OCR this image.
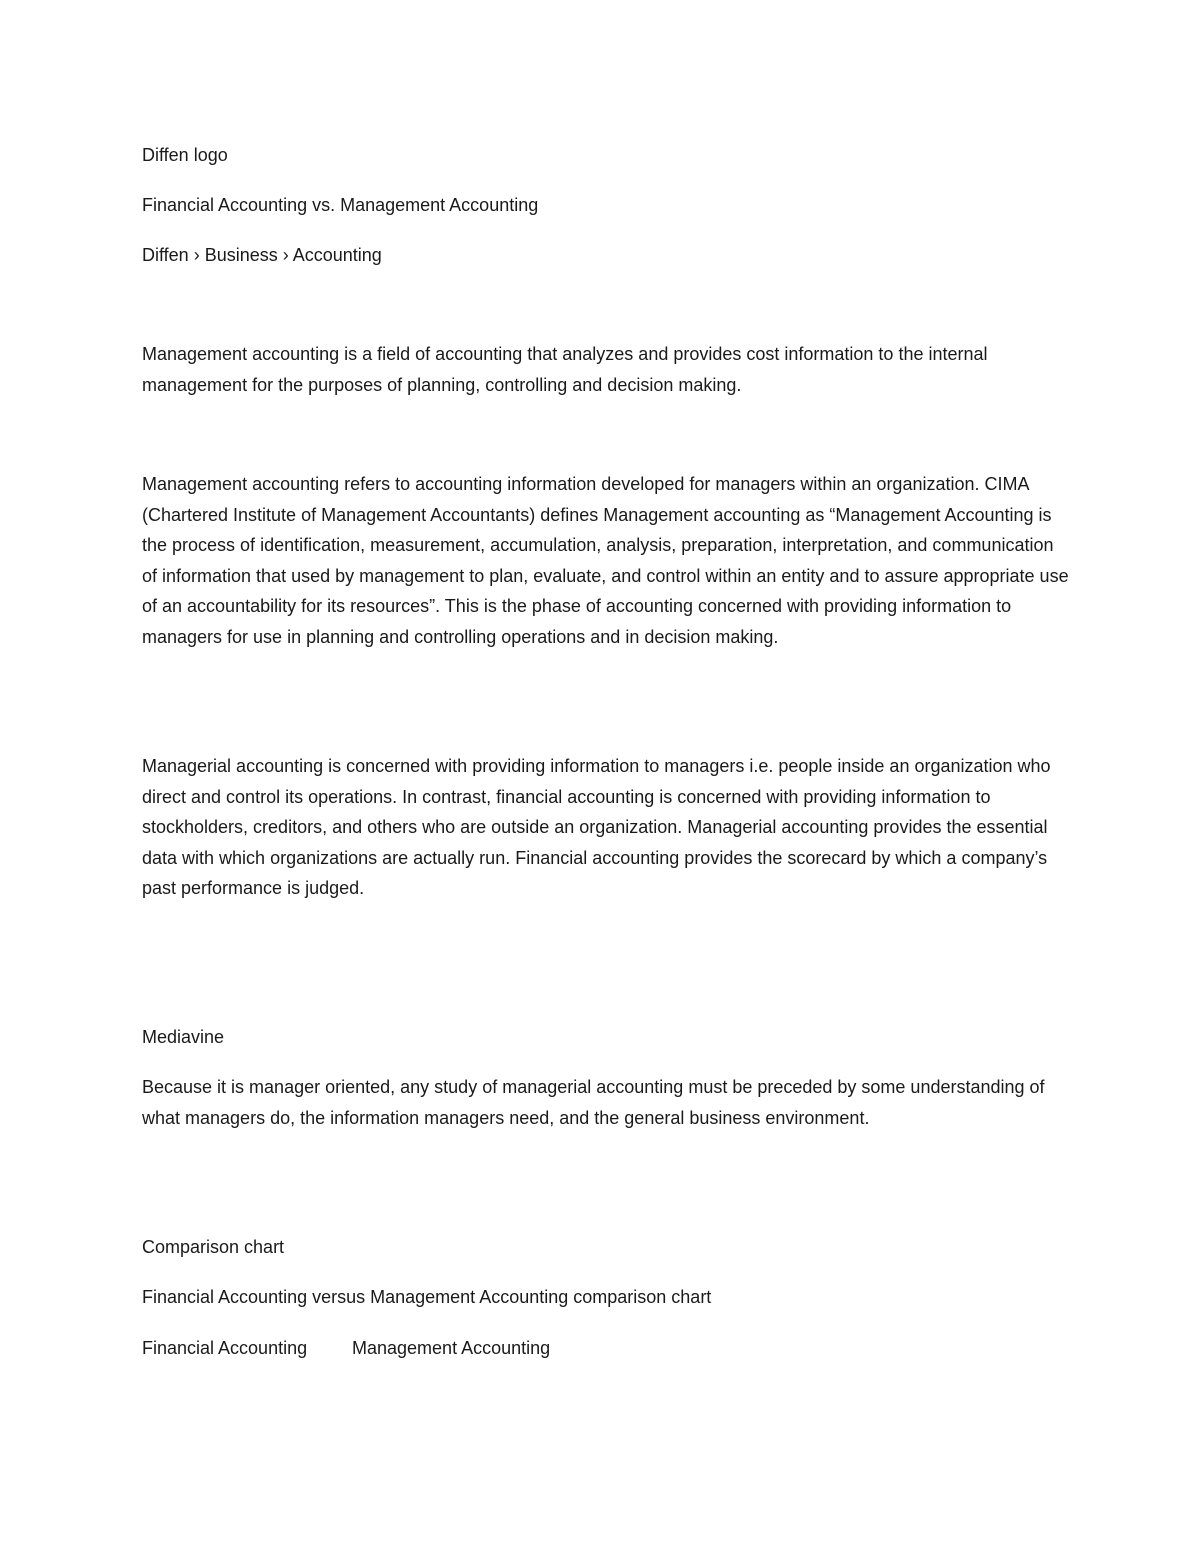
Diffen logo

Financial Accounting vs. Management Accounting

Diffen › Business › Accounting

Management accounting is a field of accounting that analyzes and provides cost information to the internal management for the purposes of planning, controlling and decision making.

Management accounting refers to accounting information developed for managers within an organization. CIMA (Chartered Institute of Management Accountants) defines Management accounting as “Management Accounting is the process of identification, measurement, accumulation, analysis, preparation, interpretation, and communication of information that used by management to plan, evaluate, and control within an entity and to assure appropriate use of an accountability for its resources”. This is the phase of accounting concerned with providing information to managers for use in planning and controlling operations and in decision making.

Managerial accounting is concerned with providing information to managers i.e. people inside an organization who direct and control its operations. In contrast, financial accounting is concerned with providing information to stockholders, creditors, and others who are outside an organization. Managerial accounting provides the essential data with which organizations are actually run. Financial accounting provides the scorecard by which a company’s past performance is judged.

Mediavine

Because it is manager oriented, any study of managerial accounting must be preceded by some understanding of what managers do, the information managers need, and the general business environment.

Comparison chart

Financial Accounting versus Management Accounting comparison chart

Financial Accounting Management Accounting
